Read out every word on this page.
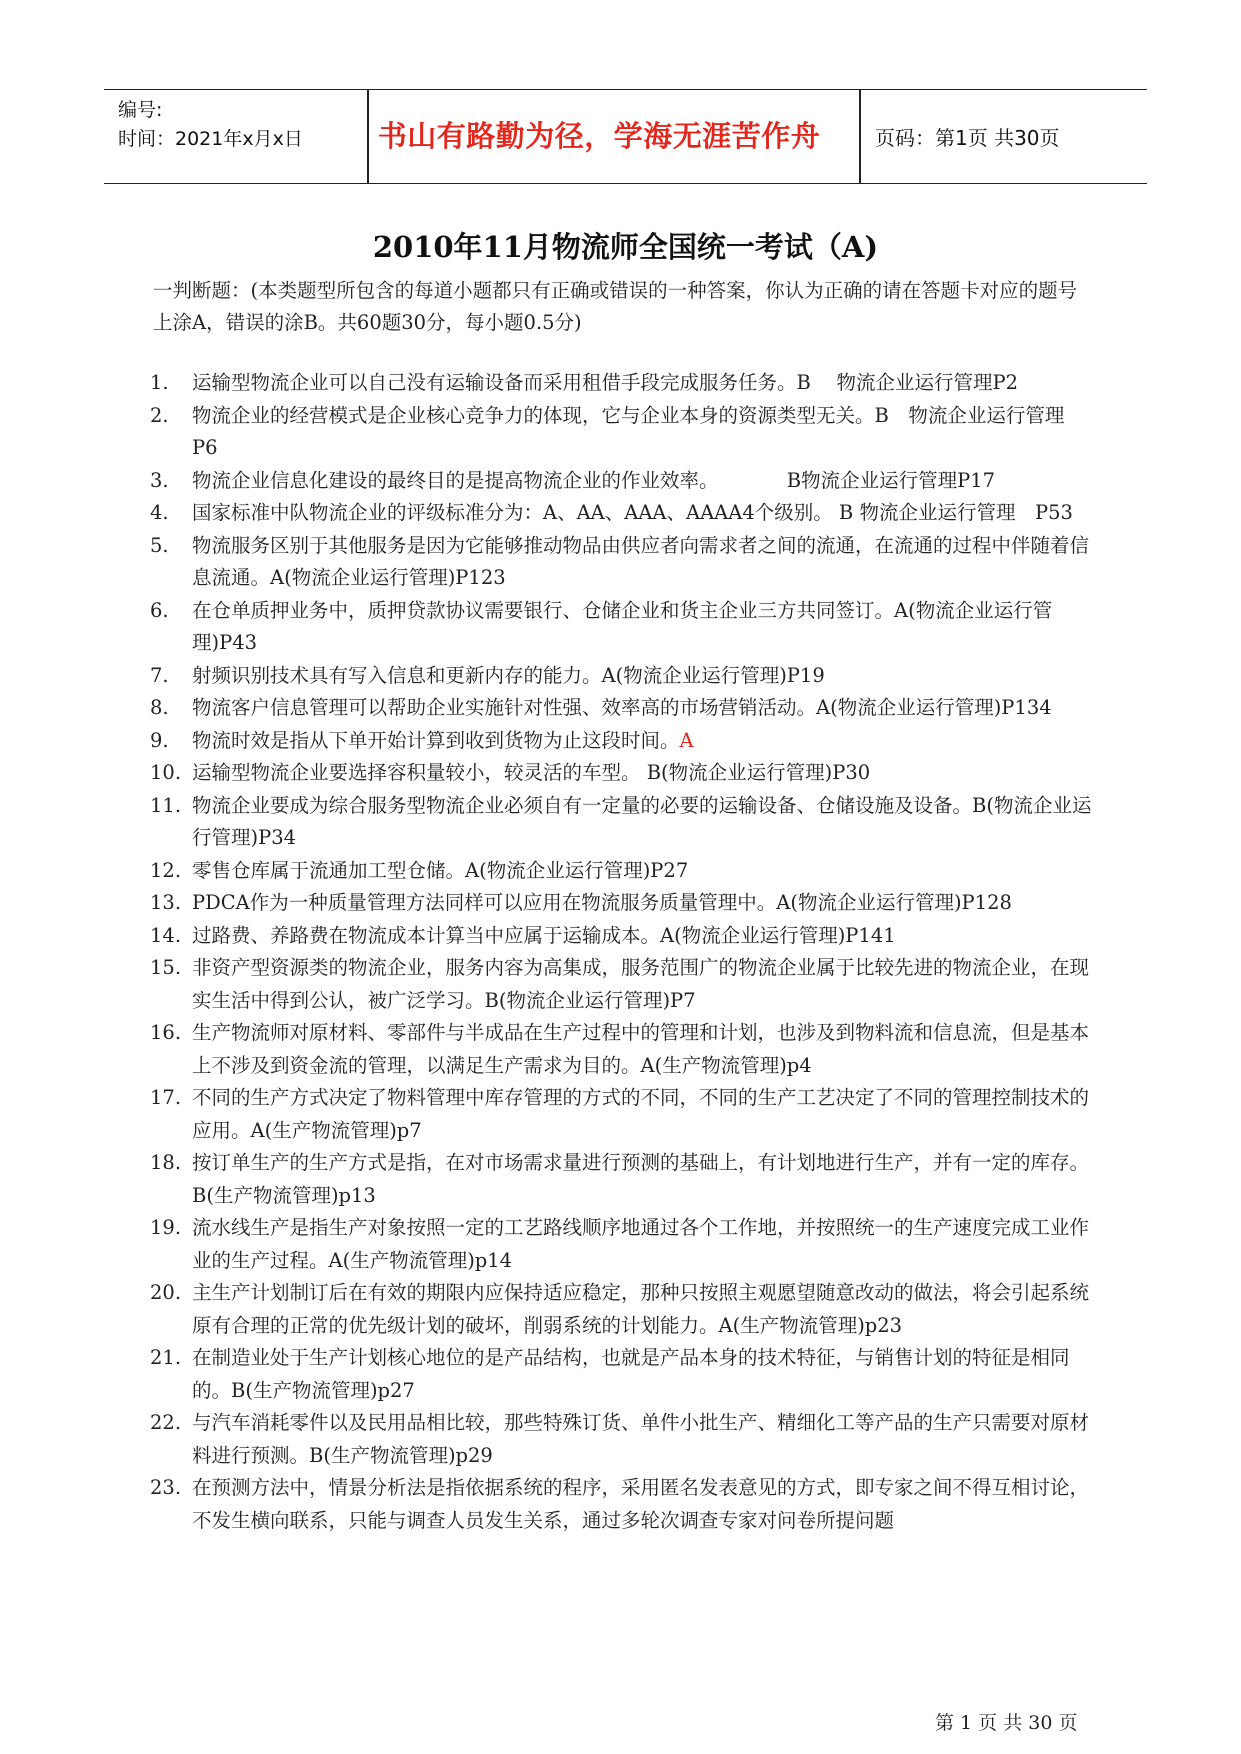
编号:
时间：2021年x月x日	书山有路勤为径，学海无涯苦作舟	页码：第1页 共30页
2010年11月物流师全国统一考试（A)
一判断题：(本类题型所包含的每道小题都只有正确或错误的一种答案，你认为正确的请在答题卡对应的题号上涂A，错误的涂B。共60题30分，每小题0.5分)
1. 运输型物流企业可以自己没有运输设备而采用租借手段完成服务任务。B　 物流企业运行管理P2
2. 物流企业的经营模式是企业核心竞争力的体现，它与企业本身的资源类型无关。B　物流企业运行管理　P6
3. 物流企业信息化建设的最终目的是提高物流企业的作业效率。　　　　B物流企业运行管理P17
4. 国家标准中队物流企业的评级标准分为：A、AA、AAA、AAAA4个级别。 B 物流企业运行管理　P53
5. 物流服务区别于其他服务是因为它能够推动物品由供应者向需求者之间的流通，在流通的过程中伴随着信息流通。A(物流企业运行管理)P123
6. 在仓单质押业务中，质押贷款协议需要银行、仓储企业和货主企业三方共同签订。A(物流企业运行管理)P43
7. 射频识别技术具有写入信息和更新内存的能力。A(物流企业运行管理)P19
8. 物流客户信息管理可以帮助企业实施针对性强、效率高的市场营销活动。A(物流企业运行管理)P134
9. 物流时效是指从下单开始计算到收到货物为止这段时间。A
10. 运输型物流企业要选择容积量较小，较灵活的车型。 B(物流企业运行管理)P30
11. 物流企业要成为综合服务型物流企业必须自有一定量的必要的运输设备、仓储设施及设备。B(物流企业运行管理)P34
12. 零售仓库属于流通加工型仓储。A(物流企业运行管理)P27
13. PDCA作为一种质量管理方法同样可以应用在物流服务质量管理中。A(物流企业运行管理)P128
14. 过路费、养路费在物流成本计算当中应属于运输成本。A(物流企业运行管理)P141
15. 非资产型资源类的物流企业，服务内容为高集成，服务范围广的物流企业属于比较先进的物流企业，在现实生活中得到公认，被广泛学习。B(物流企业运行管理)P7
16. 生产物流师对原材料、零部件与半成品在生产过程中的管理和计划，也涉及到物料流和信息流，但是基本上不涉及到资金流的管理，以满足生产需求为目的。A(生产物流管理)p4
17. 不同的生产方式决定了物料管理中库存管理的方式的不同，不同的生产工艺决定了不同的管理控制技术的应用。A(生产物流管理)p7
18. 按订单生产的生产方式是指，在对市场需求量进行预测的基础上，有计划地进行生产，并有一定的库存。B(生产物流管理)p13
19. 流水线生产是指生产对象按照一定的工艺路线顺序地通过各个工作地，并按照统一的生产速度完成工业作业的生产过程。A(生产物流管理)p14
20. 主生产计划制订后在有效的期限内应保持适应稳定，那种只按照主观愿望随意改动的做法，将会引起系统原有合理的正常的优先级计划的破坏，削弱系统的计划能力。A(生产物流管理)p23
21. 在制造业处于生产计划核心地位的是产品结构，也就是产品本身的技术特征，与销售计划的特征是相同的。B(生产物流管理)p27
22. 与汽车消耗零件以及民用品相比较，那些特殊订货、单件小批生产、精细化工等产品的生产只需要对原材料进行预测。B(生产物流管理)p29
23. 在预测方法中，情景分析法是指依据系统的程序，采用匿名发表意见的方式，即专家之间不得互相讨论，不发生横向联系，只能与调查人员发生关系，通过多轮次调查专家对问卷所提问题
第 1 页 共 30 页
